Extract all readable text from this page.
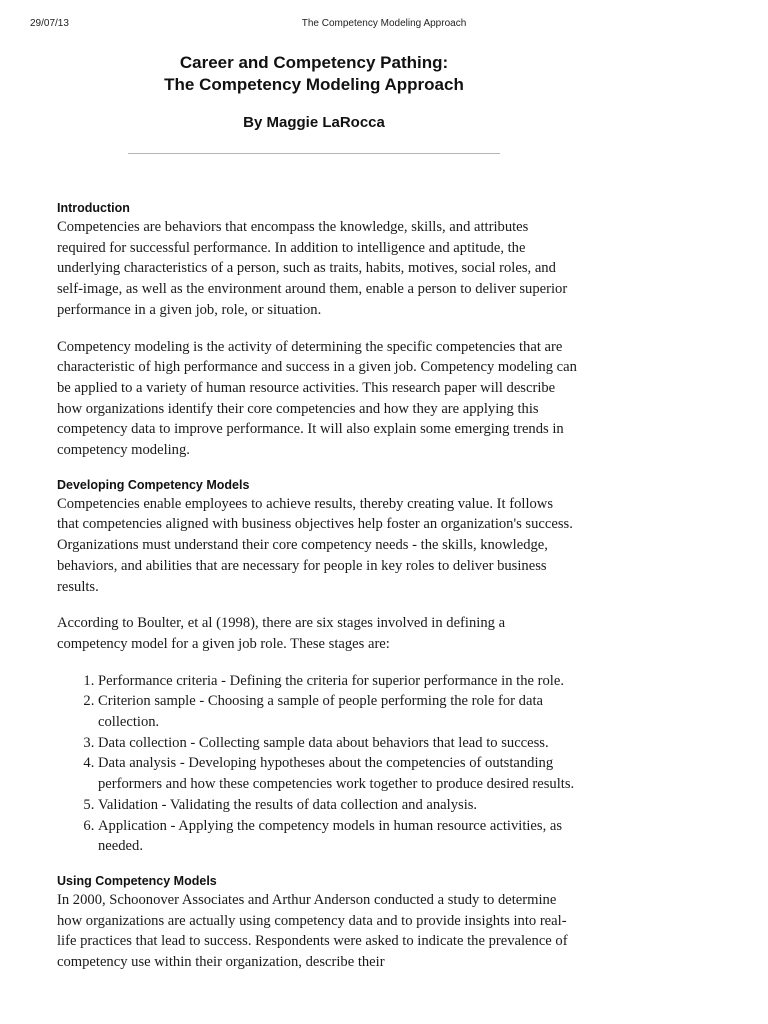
29/07/13	The Competency Modeling Approach
Career and Competency Pathing:
The Competency Modeling Approach
By Maggie LaRocca
Introduction

Competencies are behaviors that encompass the knowledge, skills, and attributes required for successful performance. In addition to intelligence and aptitude, the underlying characteristics of a person, such as traits, habits, motives, social roles, and self-image, as well as the environment around them, enable a person to deliver superior performance in a given job, role, or situation.

Competency modeling is the activity of determining the specific competencies that are characteristic of high performance and success in a given job. Competency modeling can be applied to a variety of human resource activities. This research paper will describe how organizations identify their core competencies and how they are applying this competency data to improve performance. It will also explain some emerging trends in competency modeling.

Developing Competency Models

Competencies enable employees to achieve results, thereby creating value. It follows that competencies aligned with business objectives help foster an organization's success. Organizations must understand their core competency needs - the skills, knowledge, behaviors, and abilities that are necessary for people in key roles to deliver business results.

According to Boulter, et al (1998), there are six stages involved in defining a competency model for a given job role. These stages are:

1. Performance criteria - Defining the criteria for superior performance in the role.
2. Criterion sample - Choosing a sample of people performing the role for data collection.
3. Data collection - Collecting sample data about behaviors that lead to success.
4. Data analysis - Developing hypotheses about the competencies of outstanding performers and how these competencies work together to produce desired results.
5. Validation - Validating the results of data collection and analysis.
6. Application - Applying the competency models in human resource activities, as needed.
Using Competency Models

In 2000, Schoonover Associates and Arthur Anderson conducted a study to determine how organizations are actually using competency data and to provide insights into real-life practices that lead to success. Respondents were asked to indicate the prevalence of competency use within their organization, describe their
